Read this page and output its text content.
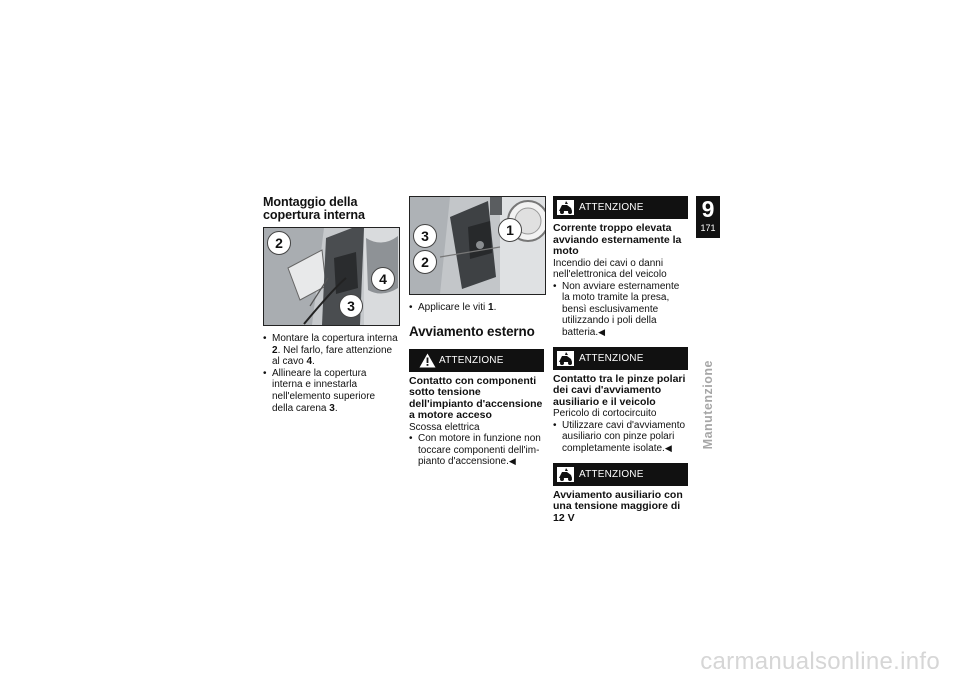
Montaggio della copertura interna
2
4
3
• Montare la copertura interna 2. Nel farlo, fare attenzione al cavo 4.
• Allineare la copertura interna e innestarla nell'elemento superiore della carena 3.
3	1
2
• Applicare le viti 1.
Avviamento esterno
ATTENZIONE

Contatto con componenti sotto tensione dell'impianto d'accensione a motore acceso

Scossa elettrica

• Con motore in funzione non toccare componenti dell'impianto d'accensione.◀
ATTENZIONE

Corrente troppo elevata avviando esternamente la moto

Incendio dei cavi o danni nell'elettronica del veicolo

• Non avviare esternamente la moto tramite la presa, bensì esclusivamente utilizzando i poli della batteria.◀
ATTENZIONE

Contatto tra le pinze polari dei cavi d'avviamento ausiliario e il veicolo

Pericolo di cortocircuito

• Utilizzare cavi d'avviamento ausiliario con pinze polari completamente isolate.◀
ATTENZIONE

Avviamento ausiliario con una tensione maggiore di 12 V

9
171
Manutenzione
carmanualsonline.info
